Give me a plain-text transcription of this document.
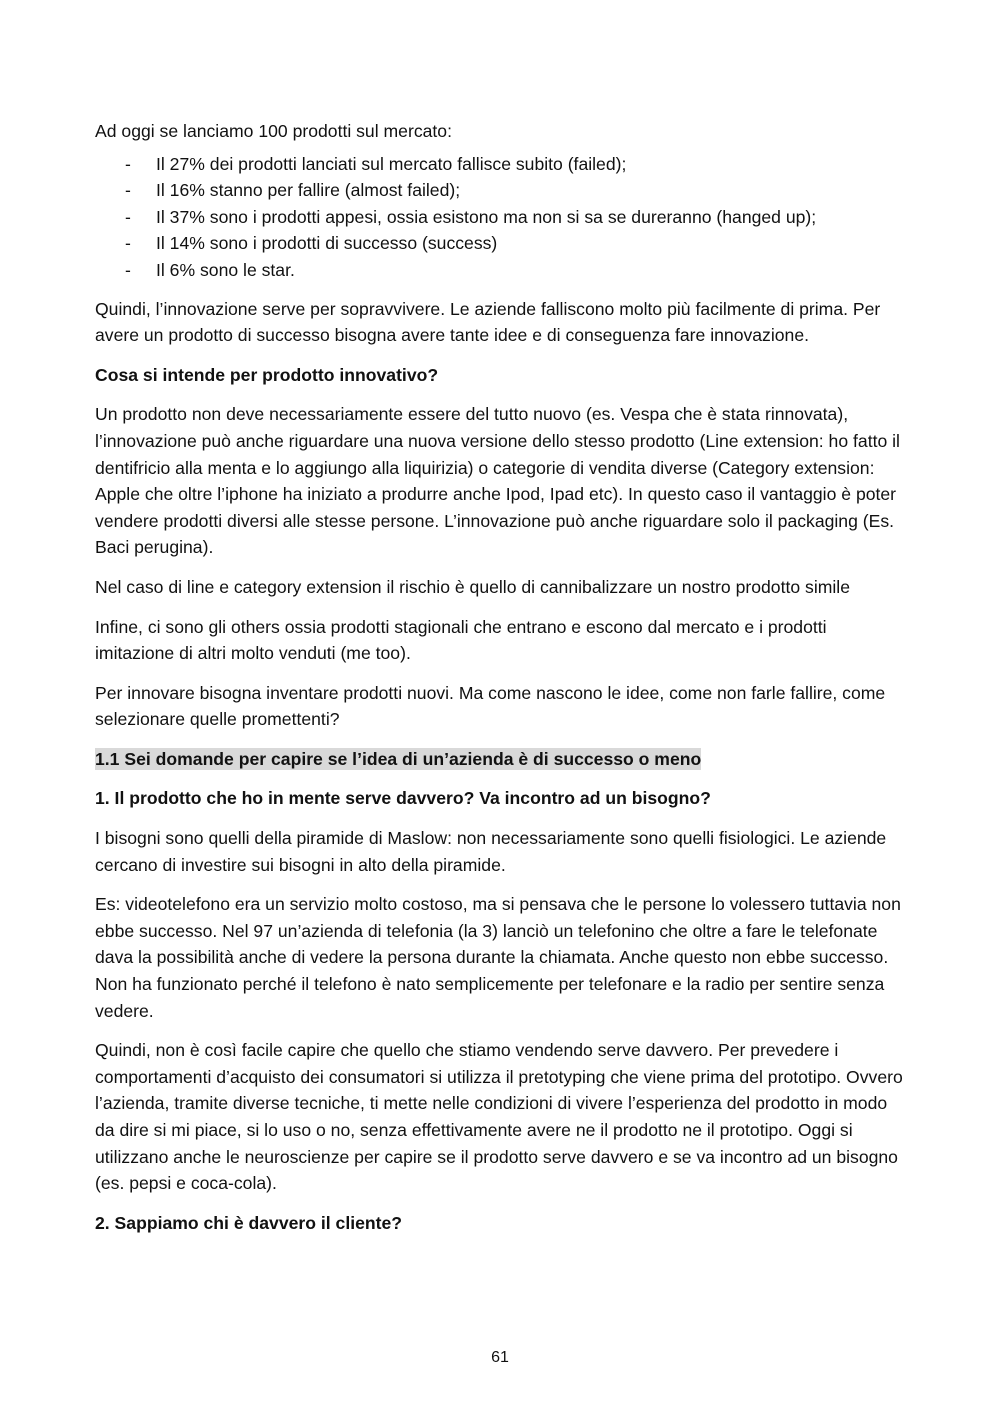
Ad oggi se lanciamo 100 prodotti sul mercato:

- Il 27% dei prodotti lanciati sul mercato fallisce subito (failed);
- Il 16% stanno per fallire (almost failed);
- Il 37% sono i prodotti appesi, ossia esistono ma non si sa se dureranno (hanged up);
- Il 14% sono i prodotti di successo (success)
- Il 6% sono le star.

Quindi, l’innovazione serve per sopravvivere. Le aziende falliscono molto più facilmente di prima. Per avere un prodotto di successo bisogna avere tante idee e di conseguenza fare innovazione.

Cosa si intende per prodotto innovativo?

Un prodotto non deve necessariamente essere del tutto nuovo (es. Vespa che è stata rinnovata), l’innovazione può anche riguardare una nuova versione dello stesso prodotto (Line extension: ho fatto il dentifricio alla menta e lo aggiungo alla liquirizia) o categorie di vendita diverse (Category extension: Apple che oltre l’iphone ha iniziato a produrre anche Ipod, Ipad etc). In questo caso il vantaggio è poter vendere prodotti diversi alle stesse persone. L’innovazione può anche riguardare solo il packaging (Es. Baci perugina).

Nel caso di line e category extension il rischio è quello di cannibalizzare un nostro prodotto simile

Infine, ci sono gli others ossia prodotti stagionali che entrano e escono dal mercato e i prodotti imitazione di altri molto venduti (me too).

Per innovare bisogna inventare prodotti nuovi. Ma come nascono le idee, come non farle fallire, come selezionare quelle promettenti?

1.1 Sei domande per capire se l’idea di un’azienda è di successo o meno

1. Il prodotto che ho in mente serve davvero? Va incontro ad un bisogno?

I bisogni sono quelli della piramide di Maslow: non necessariamente sono quelli fisiologici. Le aziende cercano di investire sui bisogni in alto della piramide.

Es: videotelefono era un servizio molto costoso, ma si pensava che le persone lo volessero tuttavia non ebbe successo. Nel 97 un’azienda di telefonia (la 3) lanciò un telefonino che oltre a fare le telefonate dava la possibilità anche di vedere la persona durante la chiamata. Anche questo non ebbe successo. Non ha funzionato perché il telefono è nato semplicemente per telefonare e la radio per sentire senza vedere.

Quindi, non è così facile capire che quello che stiamo vendendo serve davvero. Per prevedere i comportamenti d’acquisto dei consumatori si utilizza il pretotyping che viene prima del prototipo. Ovvero l’azienda, tramite diverse tecniche, ti mette nelle condizioni di vivere l’esperienza del prodotto in modo da dire si mi piace, si lo uso o no, senza effettivamente avere ne il prodotto ne il prototipo. Oggi si utilizzano anche le neuroscienze per capire se il prodotto serve davvero e se va incontro ad un bisogno (es. pepsi e coca-cola).

2. Sappiamo chi è davvero il cliente?

61
